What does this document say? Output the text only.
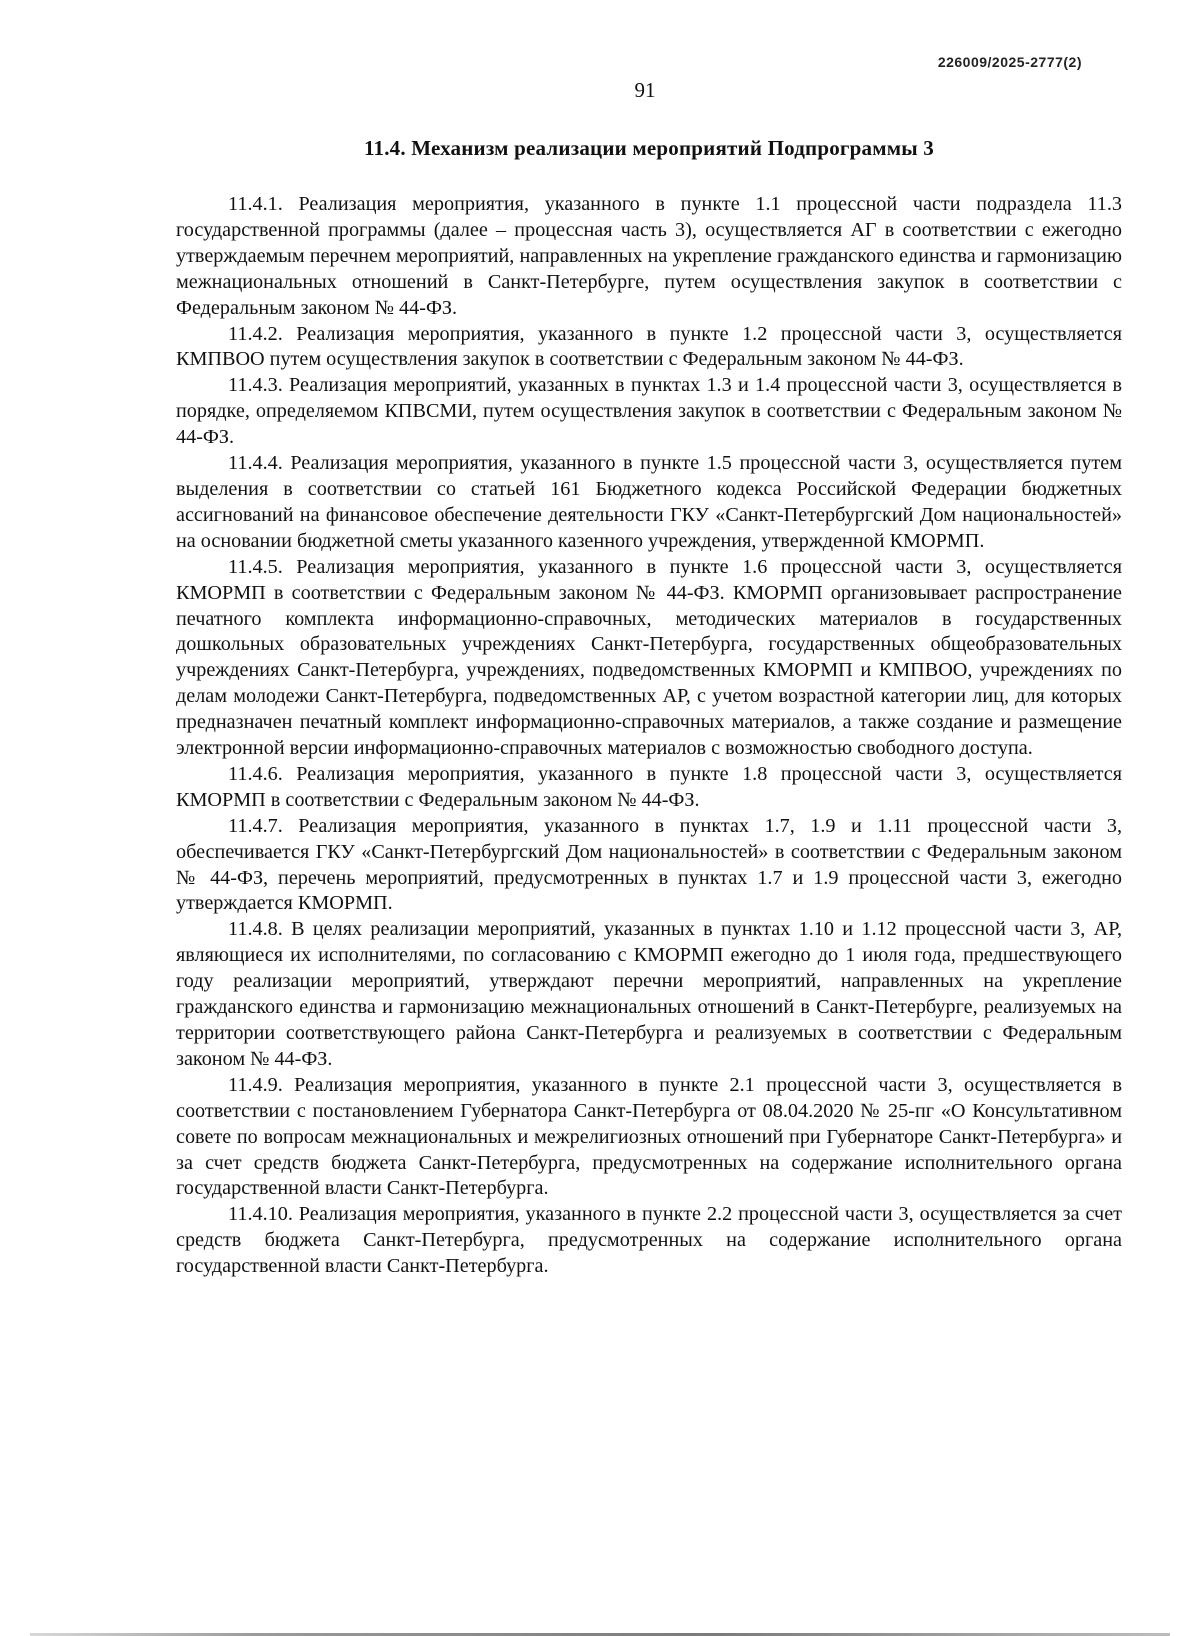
226009/2025-2777(2)
91
11.4. Механизм реализации мероприятий Подпрограммы 3

11.4.1. Реализация мероприятия, указанного в пункте 1.1 процессной части подраздела 11.3 государственной программы (далее – процессная часть 3), осуществляется АГ в соответствии с ежегодно утверждаемым перечнем мероприятий, направленных на укрепление гражданского единства и гармонизацию межнациональных отношений в Санкт-Петербурге, путем осуществления закупок в соответствии с Федеральным законом № 44-ФЗ.

11.4.2. Реализация мероприятия, указанного в пункте 1.2 процессной части 3, осуществляется КМПВОО путем осуществления закупок в соответствии с Федеральным законом № 44-ФЗ.

11.4.3. Реализация мероприятий, указанных в пунктах 1.3 и 1.4 процессной части 3, осуществляется в порядке, определяемом КПВСМИ, путем осуществления закупок в соответствии с Федеральным законом № 44-ФЗ.

11.4.4. Реализация мероприятия, указанного в пункте 1.5 процессной части 3, осуществляется путем выделения в соответствии со статьей 161 Бюджетного кодекса Российской Федерации бюджетных ассигнований на финансовое обеспечение деятельности ГКУ «Санкт-Петербургский Дом национальностей» на основании бюджетной сметы указанного казенного учреждения, утвержденной КМОРМП.

11.4.5. Реализация мероприятия, указанного в пункте 1.6 процессной части 3, осуществляется КМОРМП в соответствии с Федеральным законом № 44-ФЗ. КМОРМП организовывает распространение печатного комплекта информационно-справочных, методических материалов в государственных дошкольных образовательных учреждениях Санкт-Петербурга, государственных общеобразовательных учреждениях Санкт-Петербурга, учреждениях, подведомственных КМОРМП и КМПВОО, учреждениях по делам молодежи Санкт-Петербурга, подведомственных АР, с учетом возрастной категории лиц, для которых предназначен печатный комплект информационно-справочных материалов, а также создание и размещение электронной версии информационно-справочных материалов с возможностью свободного доступа.

11.4.6. Реализация мероприятия, указанного в пункте 1.8 процессной части 3, осуществляется КМОРМП в соответствии с Федеральным законом № 44-ФЗ.

11.4.7. Реализация мероприятия, указанного в пунктах 1.7, 1.9 и 1.11 процессной части 3, обеспечивается ГКУ «Санкт-Петербургский Дом национальностей» в соответствии с Федеральным законом № 44-ФЗ, перечень мероприятий, предусмотренных в пунктах 1.7 и 1.9 процессной части 3, ежегодно утверждается КМОРМП.

11.4.8. В целях реализации мероприятий, указанных в пунктах 1.10 и 1.12 процессной части 3, АР, являющиеся их исполнителями, по согласованию с КМОРМП ежегодно до 1 июля года, предшествующего году реализации мероприятий, утверждают перечни мероприятий, направленных на укрепление гражданского единства и гармонизацию межнациональных отношений в Санкт-Петербурге, реализуемых на территории соответствующего района Санкт-Петербурга и реализуемых в соответствии с Федеральным законом № 44-ФЗ.

11.4.9. Реализация мероприятия, указанного в пункте 2.1 процессной части 3, осуществляется в соответствии с постановлением Губернатора Санкт-Петербурга от 08.04.2020 № 25-пг «О Консультативном совете по вопросам межнациональных и межрелигиозных отношений при Губернаторе Санкт-Петербурга» и за счет средств бюджета Санкт-Петербурга, предусмотренных на содержание исполнительного органа государственной власти Санкт-Петербурга.

11.4.10. Реализация мероприятия, указанного в пункте 2.2 процессной части 3, осуществляется за счет средств бюджета Санкт-Петербурга, предусмотренных на содержание исполнительного органа государственной власти Санкт-Петербурга.
